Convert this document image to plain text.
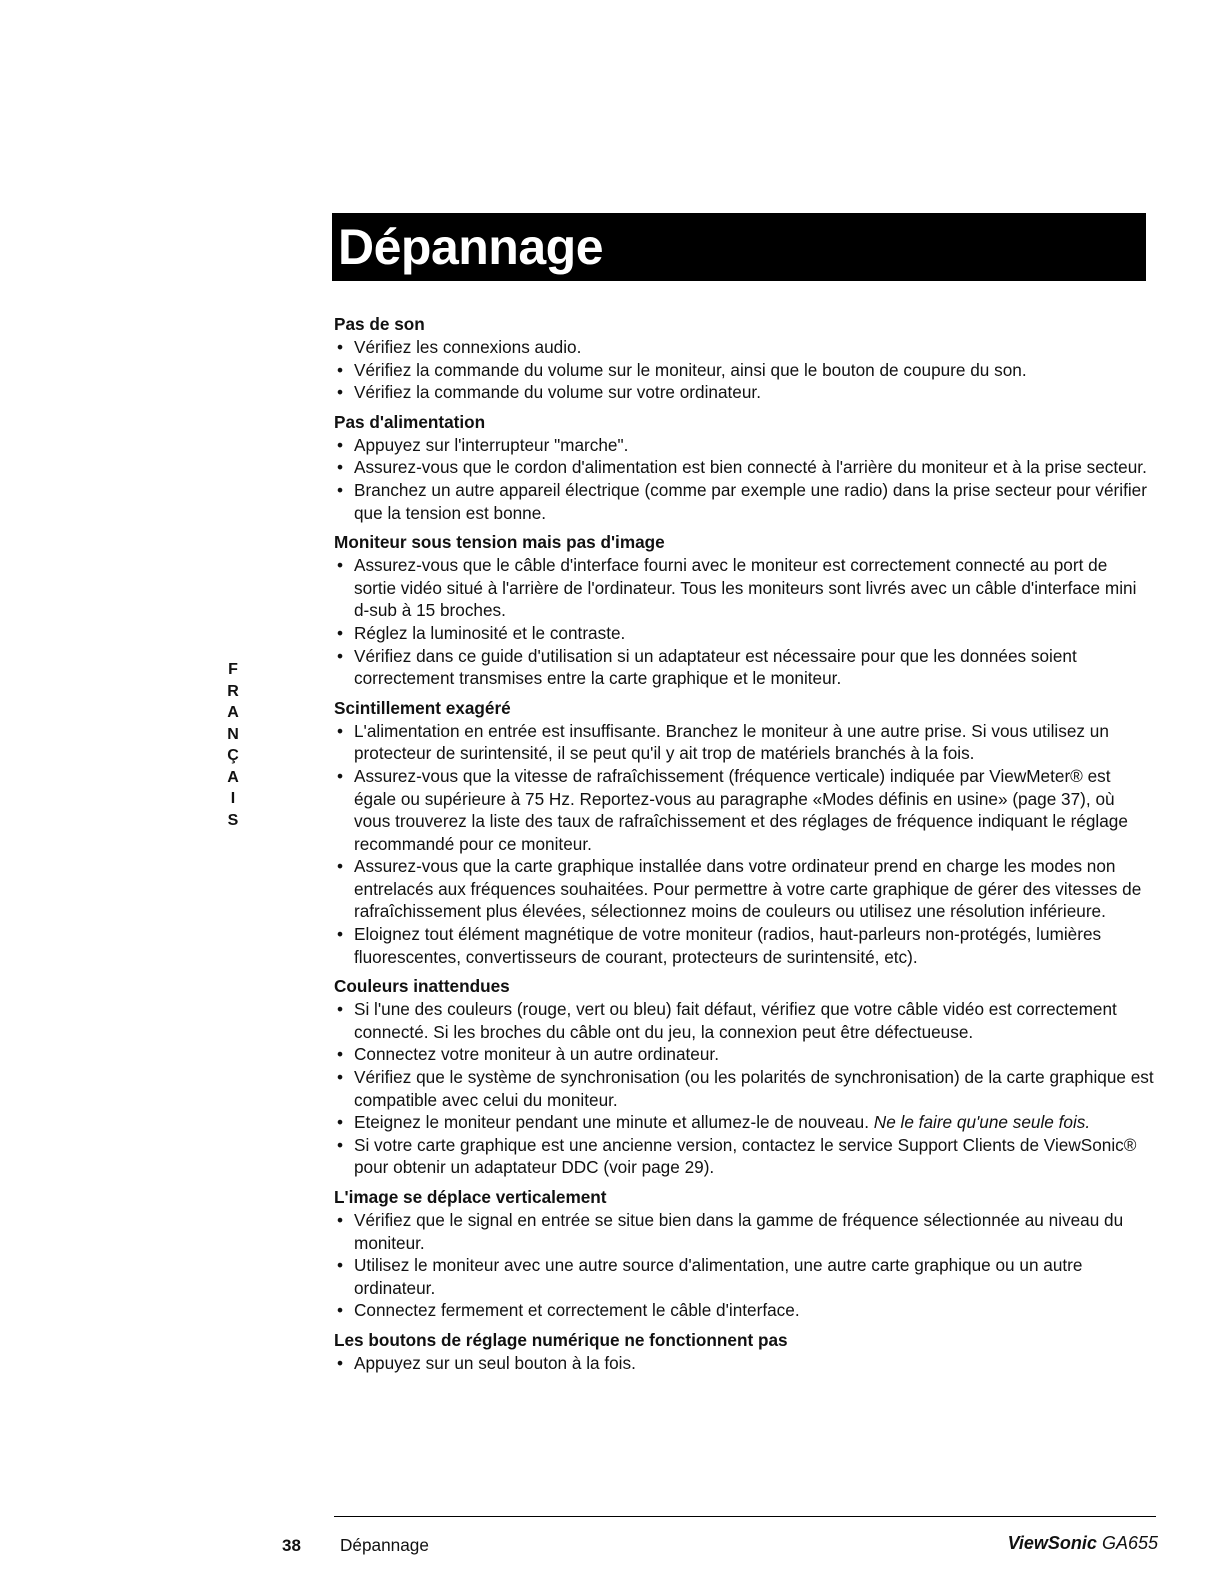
Dépannage
F
R
A
N
Ç
A
I
S
Pas de son
• Vérifiez les connexions audio.
• Vérifiez la commande du volume sur le moniteur, ainsi que le bouton de coupure du son.
• Vérifiez la commande du volume sur votre ordinateur.
Pas d'alimentation
• Appuyez sur l'interrupteur "marche".
• Assurez-vous que le cordon d'alimentation est bien connecté à l'arrière du moniteur et à la prise secteur.
• Branchez un autre appareil électrique (comme par exemple une radio) dans la prise secteur pour vérifier que la tension est bonne.
Moniteur sous tension mais pas d'image
• Assurez-vous que le câble d'interface fourni avec le moniteur est correctement connecté au port de sortie vidéo situé à l'arrière de l'ordinateur. Tous les moniteurs sont livrés avec un câble d'interface mini d-sub à 15 broches.
• Réglez la luminosité et le contraste.
• Vérifiez dans ce guide d'utilisation si un adaptateur est nécessaire pour que les données soient correctement transmises entre la carte graphique et le moniteur.
Scintillement exagéré
• L'alimentation en entrée est insuffisante. Branchez le moniteur à une autre prise. Si vous utilisez un protecteur de surintensité, il se peut qu'il y ait trop de matériels branchés à la fois.
• Assurez-vous que la vitesse de rafraîchissement (fréquence verticale) indiquée par ViewMeter® est égale ou supérieure à 75 Hz. Reportez-vous au paragraphe «Modes définis en usine» (page 37), où vous trouverez la liste des taux de rafraîchissement et des réglages de fréquence indiquant le réglage recommandé pour ce moniteur.
• Assurez-vous que la carte graphique installée dans votre ordinateur prend en charge les modes non entrelacés aux fréquences souhaitées. Pour permettre à votre carte graphique de gérer des vitesses de rafraîchissement plus élevées, sélectionnez moins de couleurs ou utilisez une résolution inférieure.
• Eloignez tout élément magnétique de votre moniteur (radios, haut-parleurs non-protégés, lumières fluorescentes, convertisseurs de courant, protecteurs de surintensité, etc).
Couleurs inattendues
• Si l'une des couleurs (rouge, vert ou bleu) fait défaut, vérifiez que votre câble vidéo est correctement connecté. Si les broches du câble ont du jeu, la connexion peut être défectueuse.
• Connectez votre moniteur à un autre ordinateur.
• Vérifiez que le système de synchronisation (ou les polarités de synchronisation) de la carte graphique est compatible avec celui du moniteur.
• Eteignez le moniteur pendant une minute et allumez-le de nouveau. Ne le faire qu'une seule fois.
• Si votre carte graphique est une ancienne version, contactez le service Support Clients de ViewSonic® pour obtenir un adaptateur DDC (voir page 29).
L'image se déplace verticalement
• Vérifiez que le signal en entrée se situe bien dans la gamme de fréquence sélectionnée au niveau du moniteur.
• Utilisez le moniteur avec une autre source d'alimentation, une autre carte graphique ou un autre ordinateur.
• Connectez fermement et correctement le câble d'interface.
Les boutons de réglage numérique ne fonctionnent pas
• Appuyez sur un seul bouton à la fois.
38 Dépannage	ViewSonic GA655
